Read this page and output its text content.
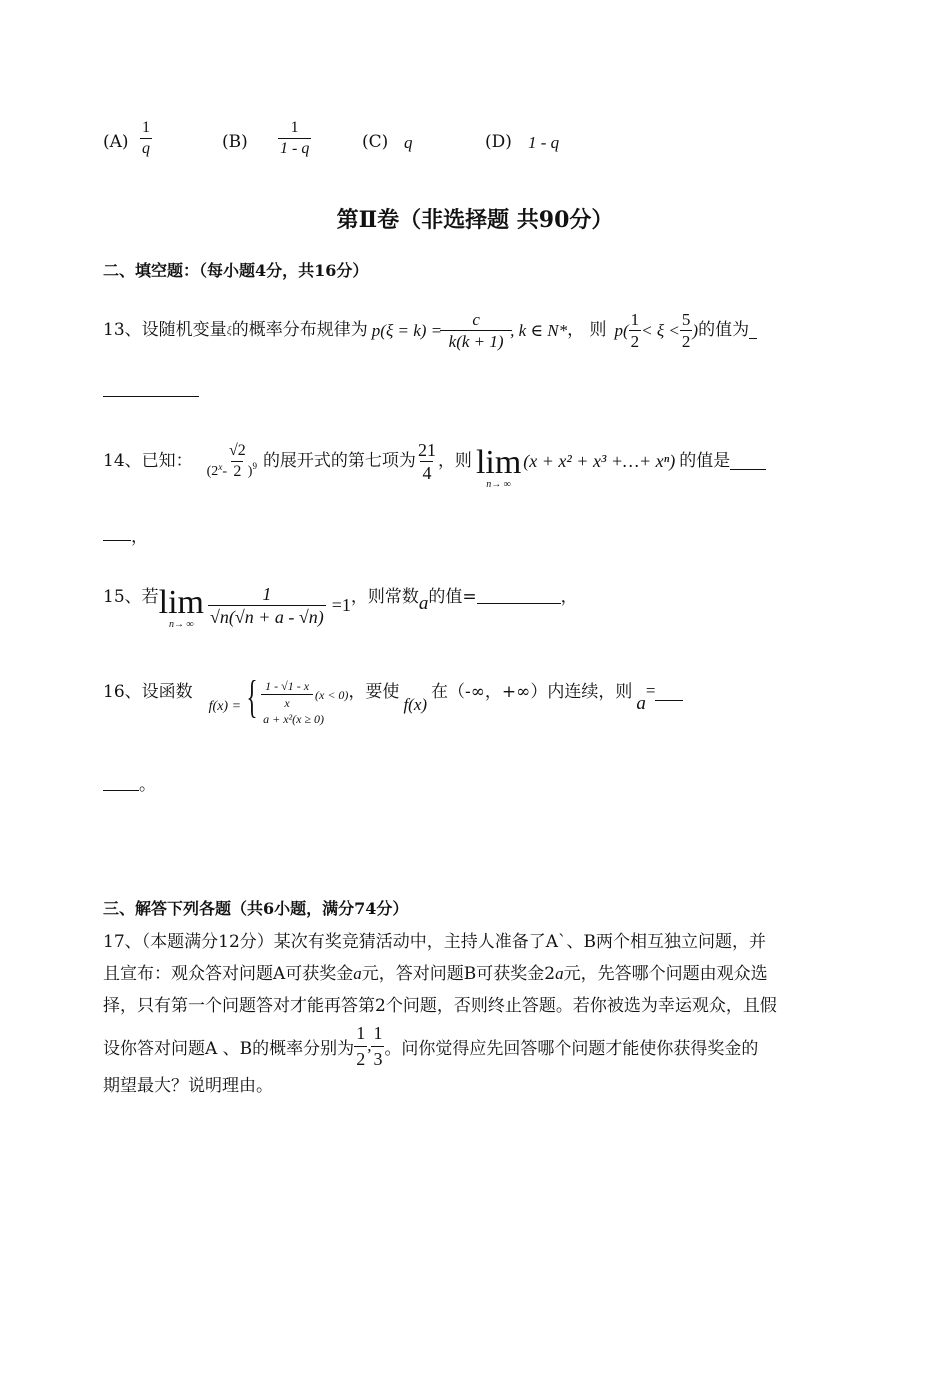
$(A) \frac{1}{q}$	$(B) \frac{1}{1 - q}$	(C) q	(D) 1 - q
第Ⅱ卷（非选择题 共90分）
二、填空题：（每小题4分，共16分）
13、设随机变量 ξ 的概率分布规律为 $p(\xi = k) = \frac{c}{k(k + 1)}$ , k ∈ N* ， 则 $p( \frac{1}{2} < \xi < \frac{5}{2}$ ) 的值为
14、已知：
(2 x - $\frac{√2}{2}$ ) 9 的展开式的第七项为 $\frac{21}{4}$ ，则 lim
n→ ∞
(x + x² + x³ +…+ xⁿ) 的值是
，
15、若 lim
n→ ∞ $\frac{1}{√n(√n + a - √n)} =1$ ，则常数 a 的值=	，
16、设函数
f(x) = { $\frac{1 - √1 - x}{x} (x < 0)$
a + x²(x ≥ 0)
，要使
f(x)
在（-∞，+∞）内连续，则
a
=
。
三、解答下列各题（共6小题，满分74分）
17、（本题满分12分）某次有奖竞猜活动中，主持人准备了A`、B两个相互独立问题，并
且宣布：观众答对问题A可获奖金a元，答对问题B可获奖金2a元，先答哪个问题由观众选
择，只有第一个问题答对才能再答第2个问题，否则终止答题。若你被选为幸运观众，且假
设你答对问题A 、B的概率分别为 $\frac{1}{2}$ , $\frac{1}{3}$ 。问你觉得应先回答哪个问题才能使你获得奖金的
期望最大？说明理由。
